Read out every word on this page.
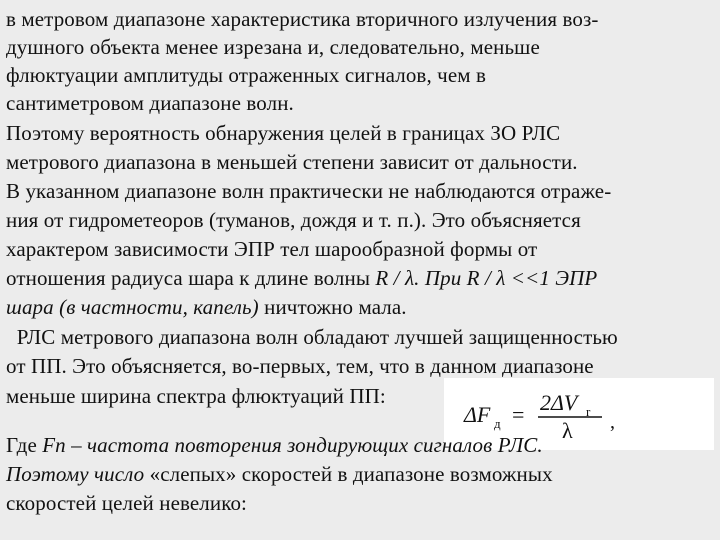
в метровом диапазоне характеристика вторичного излучения воз-
душного объекта менее изрезана и, следовательно, меньше
флюктуации амплитуды отраженных сигналов, чем в
сантиметровом диапазоне волн.
Поэтому вероятность обнаружения целей в границах ЗО РЛС
метрового диапазона в меньшей степени зависит от дальности.
В указанном диапазоне волн практически не наблюдаются отраже-
ния от гидрометеоров (туманов, дождя и т. п.). Это объясняется
характером зависимости ЭПР тел шарообразной формы от
отношения радиуса шара к длине волны R / λ. При R / λ <<1 ЭПР
шара (в частности, капель) ничтожно мала.
РЛС метрового диапазона волн обладают лучшей защищенностью
от ПП. Это объясняется, во-первых, тем, что в данном диапазоне
меньше ширина спектра флюктуаций ПП:
ΔF д = 2ΔV r
λ ,
Где Fп – частота повторения зондирующих сигналов РЛС.
Поэтому число «слепых» скоростей в диапазоне возможных
скоростей целей невелико:
